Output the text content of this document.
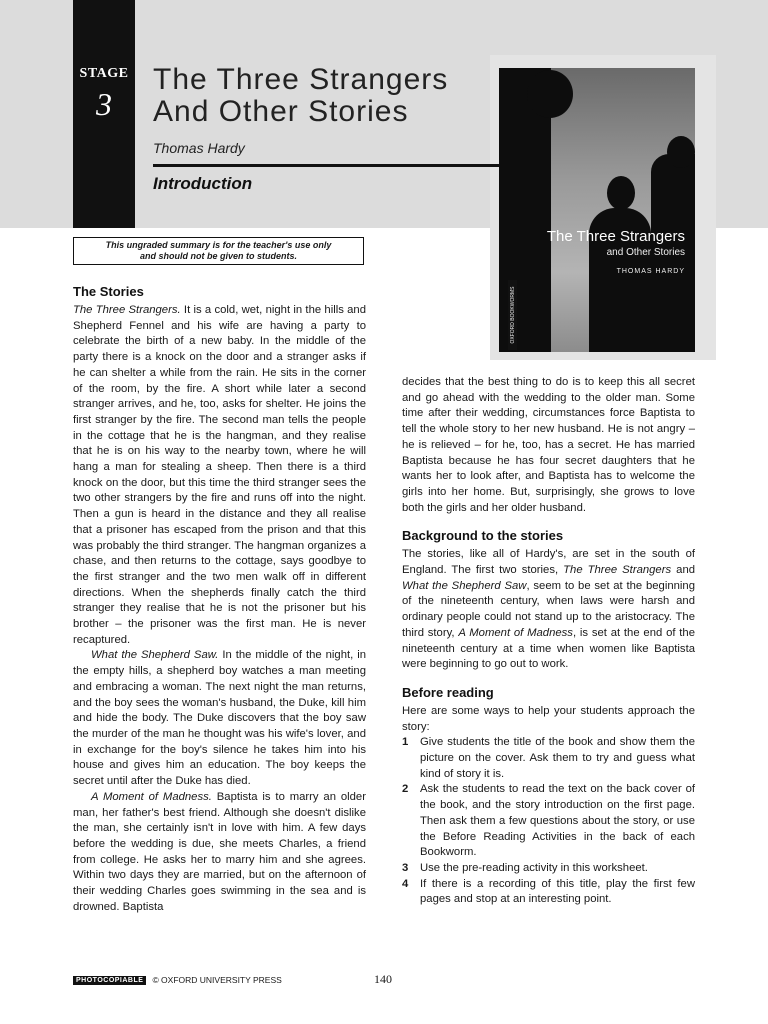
STAGE
3
The Three Strangers
And Other Stories
Thomas Hardy
Introduction
The Three Strangers
and Other Stories
THOMAS HARDY
OXFORD BOOKWORMS
This ungraded summary is for the teacher's use only
and should not be given to students.
The Stories

The Three Strangers. It is a cold, wet, night in the hills and Shepherd Fennel and his wife are having a party to celebrate the birth of a new baby. In the middle of the party there is a knock on the door and a stranger asks if he can shelter a while from the rain. He sits in the corner of the room, by the fire. A short while later a second stranger arrives, and he, too, asks for shelter. He joins the first stranger by the fire. The second man tells the people in the cottage that he is the hangman, and they realise that he is on his way to the nearby town, where he will hang a man for stealing a sheep. Then there is a third knock on the door, but this time the third stranger sees the two other strangers by the fire and runs off into the night. Then a gun is heard in the distance and they all realise that a prisoner has escaped from the prison and that this was probably the third stranger. The hangman organizes a chase, and then returns to the cottage, says goodbye to the first stranger and the two men walk off in different directions. When the shepherds finally catch the third stranger they realise that he is not the prisoner but his brother – the prisoner was the first man. He is never recaptured.

What the Shepherd Saw. In the middle of the night, in the empty hills, a shepherd boy watches a man meeting and embracing a woman. The next night the man returns, and the boy sees the woman's husband, the Duke, kill him and hide the body. The Duke discovers that the boy saw the murder of the man he thought was his wife's lover, and in exchange for the boy's silence he takes him into his house and gives him an education. The boy keeps the secret until after the Duke has died.

A Moment of Madness. Baptista is to marry an older man, her father's best friend. Although she doesn't dislike the man, she certainly isn't in love with him. A few days before the wedding is due, she meets Charles, a friend from college. He asks her to marry him and she agrees. Within two days they are married, but on the afternoon of their wedding Charles goes swimming in the sea and is drowned. Baptista

decides that the best thing to do is to keep this all secret and go ahead with the wedding to the older man. Some time after their wedding, circumstances force Baptista to tell the whole story to her new husband. He is not angry – he is relieved – for he, too, has a secret. He has married Baptista because he has four secret daughters that he wants her to look after, and Baptista has to welcome the girls into her home. But, surprisingly, she grows to love both the girls and her older husband.

Background to the stories

The stories, like all of Hardy's, are set in the south of England. The first two stories, The Three Strangers and What the Shepherd Saw, seem to be set at the beginning of the nineteenth century, when laws were harsh and ordinary people could not stand up to the aristocracy. The third story, A Moment of Madness, is set at the end of the nineteenth century at a time when women like Baptista were beginning to go out to work.

Before reading

Here are some ways to help your students approach the story:

1 Give students the title of the book and show them the picture on the cover. Ask them to try and guess what kind of story it is.
2 Ask the students to read the text on the back cover of the book, and the story introduction on the first page. Then ask them a few questions about the story, or use the Before Reading Activities in the back of each Bookworm.
3 Use the pre-reading activity in this worksheet.
4 If there is a recording of this title, play the first few pages and stop at an interesting point.
PHOTOCOPIABLE	© OXFORD UNIVERSITY PRESS	140
